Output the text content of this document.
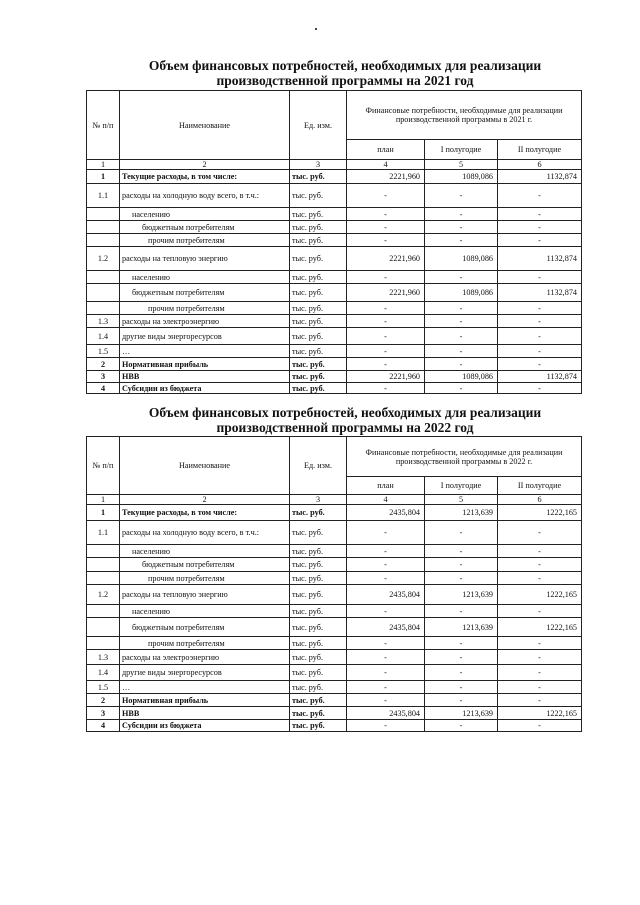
Объем финансовых потребностей, необходимых для реализации
производственной программы на 2021 год
№ п/п	Наименование	Ед. изм.	Финансовые потребности, необходимые для реализации производственной программы в 2021 г.		
			план	I полугодие	II полугодие
1	2	3	4	5	6
1	Текущие расходы, в том числе:	тыс. руб.	2221,960	1089,086	1132,874
1.1	расходы на холодную воду всего, в т.ч.:	тыс. руб.	-	-	-
	населению	тыс. руб.	-	-	-
	бюджетным потребителям	тыс. руб.	-	-	-
	прочим потребителям	тыс. руб.	-	-	-
1.2	расходы на тепловую энергию	тыс. руб.	2221,960	1089,086	1132,874
	населению	тыс. руб.	-	-	-
	бюджетным потребителям	тыс. руб.	2221,960	1089,086	1132,874
	прочим потребителям	тыс. руб.	-	-	-
1.3	расходы на электроэнергию	тыс. руб.	-	-	-
1.4	другие виды энергоресурсов	тыс. руб.	-	-	-
1.5	…	тыс. руб.	-	-	-
2	Нормативная прибыль	тыс. руб.	-	-	-
3	НВВ	тыс. руб.	2221,960	1089,086	1132,874
4	Субсидии из бюджета	тыс. руб.	-	-	-
Объем финансовых потребностей, необходимых для реализации
производственной программы на 2022 год
№ п/п	Наименование	Ед. изм.	Финансовые потребности, необходимые для реализации производственной программы в 2022 г.		
			план	I полугодие	II полугодие
1	2	3	4	5	6
1	Текущие расходы, в том числе:	тыс. руб.	2435,804	1213,639	1222,165
1.1	расходы на холодную воду всего, в т.ч.:	тыс. руб.	-	-	-
	населению	тыс. руб.	-	-	-
	бюджетным потребителям	тыс. руб.	-	-	-
	прочим потребителям	тыс. руб.	-	-	-
1.2	расходы на тепловую энергию	тыс. руб.	2435,804	1213,639	1222,165
	населению	тыс. руб.	-	-	-
	бюджетным потребителям	тыс. руб.	2435,804	1213,639	1222,165
	прочим потребителям	тыс. руб.	-	-	-
1.3	расходы на электроэнергию	тыс. руб.	-	-	-
1.4	другие виды энергоресурсов	тыс. руб.	-	-	-
1.5	…	тыс. руб.	-	-	-
2	Нормативная прибыль	тыс. руб.	-	-	-
3	НВВ	тыс. руб.	2435,804	1213,639	1222,165
4	Субсидии из бюджета	тыс. руб.	-	-	-
